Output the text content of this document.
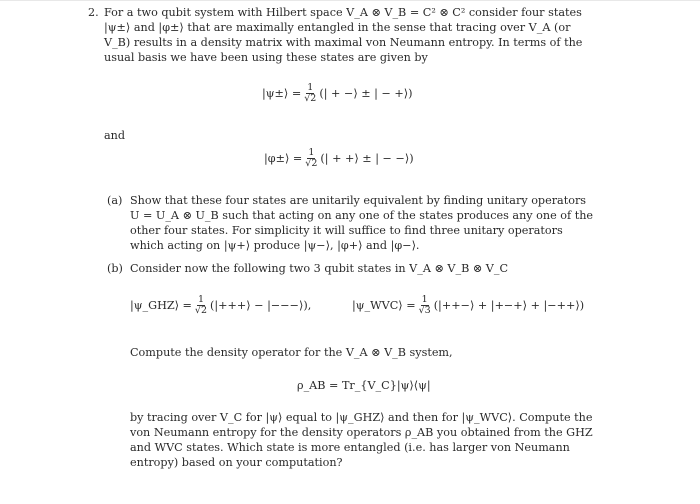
2. For a two qubit system with Hilbert space V_A ⊗ V_B = C² ⊗ C² consider four states
|ψ±⟩ and |φ±⟩ that are maximally entangled in the sense that tracing over V_A (or
V_B) results in a density matrix with maximal von Neumann entropy. In terms of the
usual basis we have been using these states are given by
|ψ±⟩ = $\frac{1}{√2}$ (| + −⟩ ± | − +⟩)
and
|φ±⟩ = $\frac{1}{√2}$ (| + +⟩ ± | − −⟩)
(a) Show that these four states are unitarily equivalent by finding unitary operators
U = U_A ⊗ U_B such that acting on any one of the states produces any one of the
other four states. For simplicity it will suffice to find three unitary operators
which acting on |ψ+⟩ produce |ψ−⟩, |φ+⟩ and |φ−⟩.
(b) Consider now the following two 3 qubit states in V_A ⊗ V_B ⊗ V_C
|ψ_GHZ⟩ = $\frac{1}{√2}$ (|+++⟩ − |−−−⟩),	|ψ_WVC⟩ = $\frac{1}{√3}$ (|++−⟩ + |+−+⟩ + |−++⟩)
Compute the density operator for the V_A ⊗ V_B system,
ρ_AB = Tr_{V_C}|ψ⟩⟨ψ|
by tracing over V_C for |ψ⟩ equal to |ψ_GHZ⟩ and then for |ψ_WVC⟩. Compute the
von Neumann entropy for the density operators ρ_AB you obtained from the GHZ
and WVC states. Which state is more entangled (i.e. has larger von Neumann
entropy) based on your computation?
